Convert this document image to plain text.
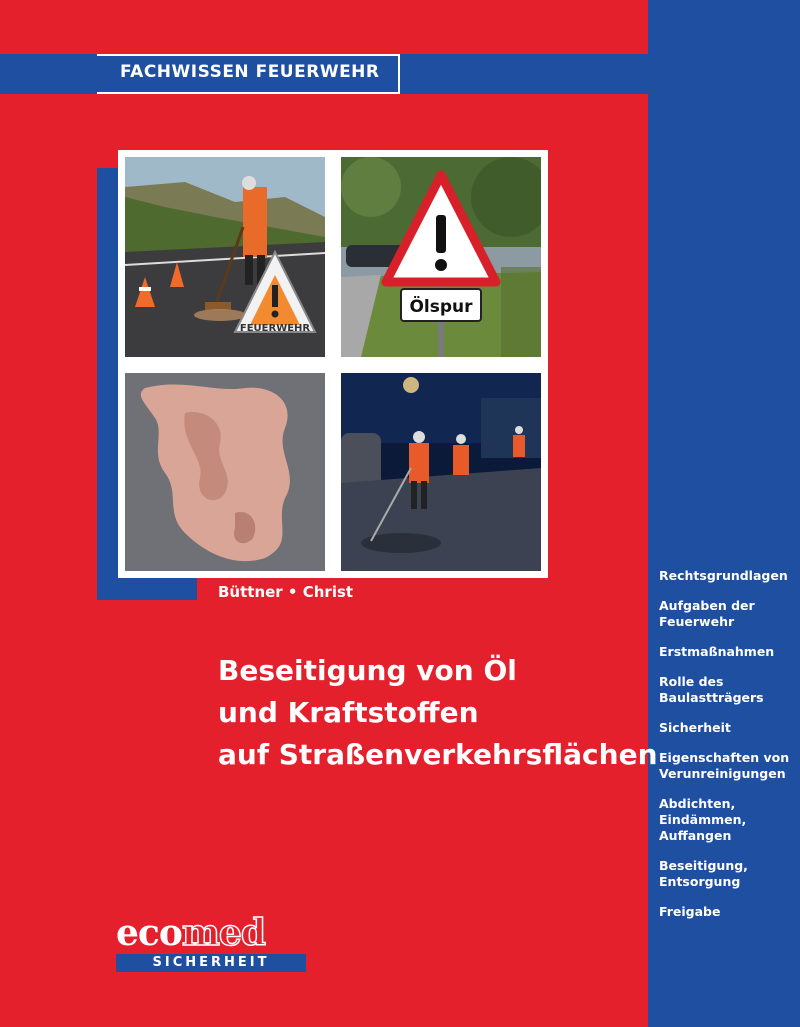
FACHWISSEN FEUERWEHR
FEUERWEHR
Ölspur
Büttner • Christ
Beseitigung von Öl
und Kraftstoffen
auf Straßenverkehrsflächen
Rechtsgrundlagen
Aufgaben der Feuerwehr
Erstmaßnahmen
Rolle des Baulastträgers
Sicherheit
Eigenschaften von Verunreinigungen
Abdichten, Eindämmen, Auffangen
Beseitigung, Entsorgung
Freigabe
ecomed
SICHERHEIT
